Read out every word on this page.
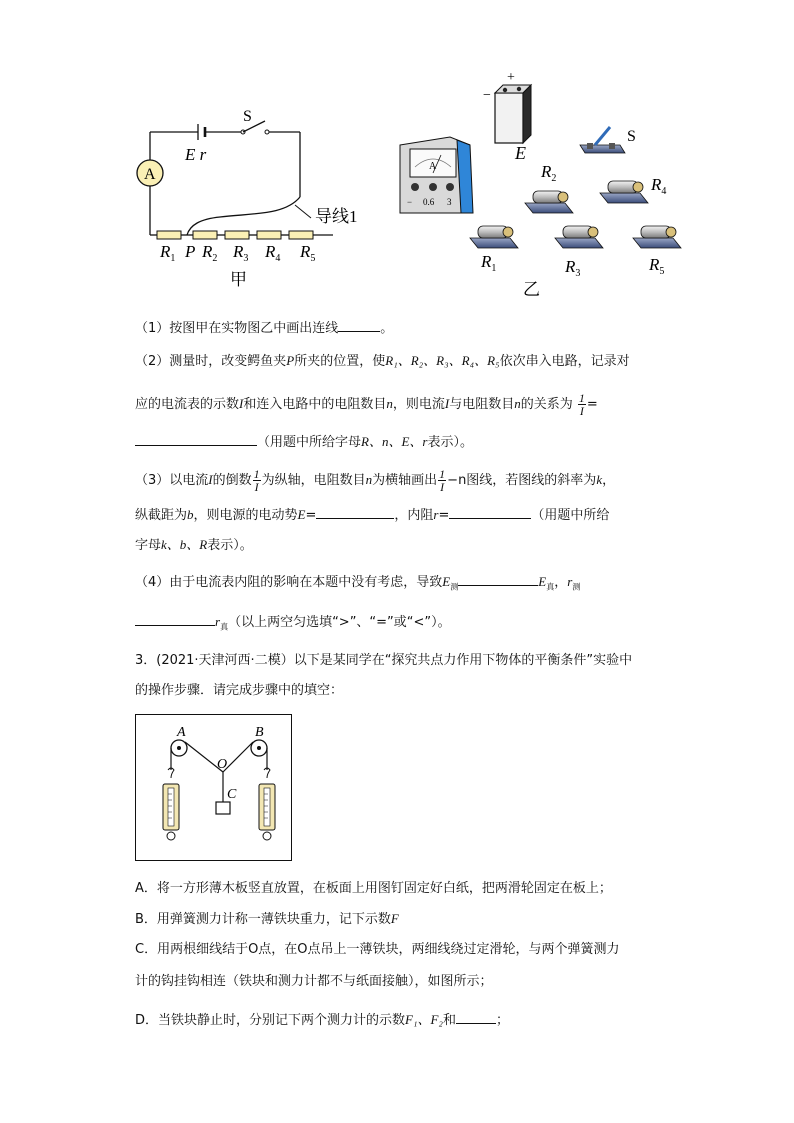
E r
S
A
导线1
P
$R_1$ $R_2$ $R_3$ $R_4$ $R_5$
甲
+
−
E
A
− 0.6 3
S
$R_2$	$R_4$
$R_1$	$R_3$	$R_5$
乙
（1）按图甲在实物图乙中画出连线	。
（2）测量时，改变鳄鱼夹P所夹的位置，使R₁、R₂、R₃、R₄、R₅依次串入电路，记录对
应的电流表的示数I和连入电路中的电阻数目n，则电流I与电阻数目n的关系为 $\frac{1}{I}$ =
（用题中所给字母R、n、E、r表示）。
（3）以电流I的倒数 $\frac{1}{I}$ 为纵轴，电阻数目n为横轴画出 $\frac{1}{I} -n$图线，若图线的斜率为k，
纵截距为b，则电源的电动势E=	，内阻r=	（用题中所给
字母k、b、R表示）。
（4）由于电流表内阻的影响在本题中没有考虑，导致$E_测$	$E_真$，$r_测$
$r_真$（以上两空匀选填“>”、“=”或“<”）。
3．(2021·天津河西·二模）以下是某同学在“探究共点力作用下物体的平衡条件”实验中
的操作步骤．请完成步骤中的填空：
A	B
O
C
A．将一方形薄木板竖直放置，在板面上用图钉固定好白纸，把两滑轮固定在板上；
B．用弹簧测力计称一薄铁块重力，记下示数F
C．用两根细线结于O点，在O点吊上一薄铁块，两细线绕过定滑轮，与两个弹簧测力
计的钩挂钩相连（铁块和测力计都不与纸面接触），如图所示；
D．当铁块静止时，分别记下两个测力计的示数F₁、F₂和	；
